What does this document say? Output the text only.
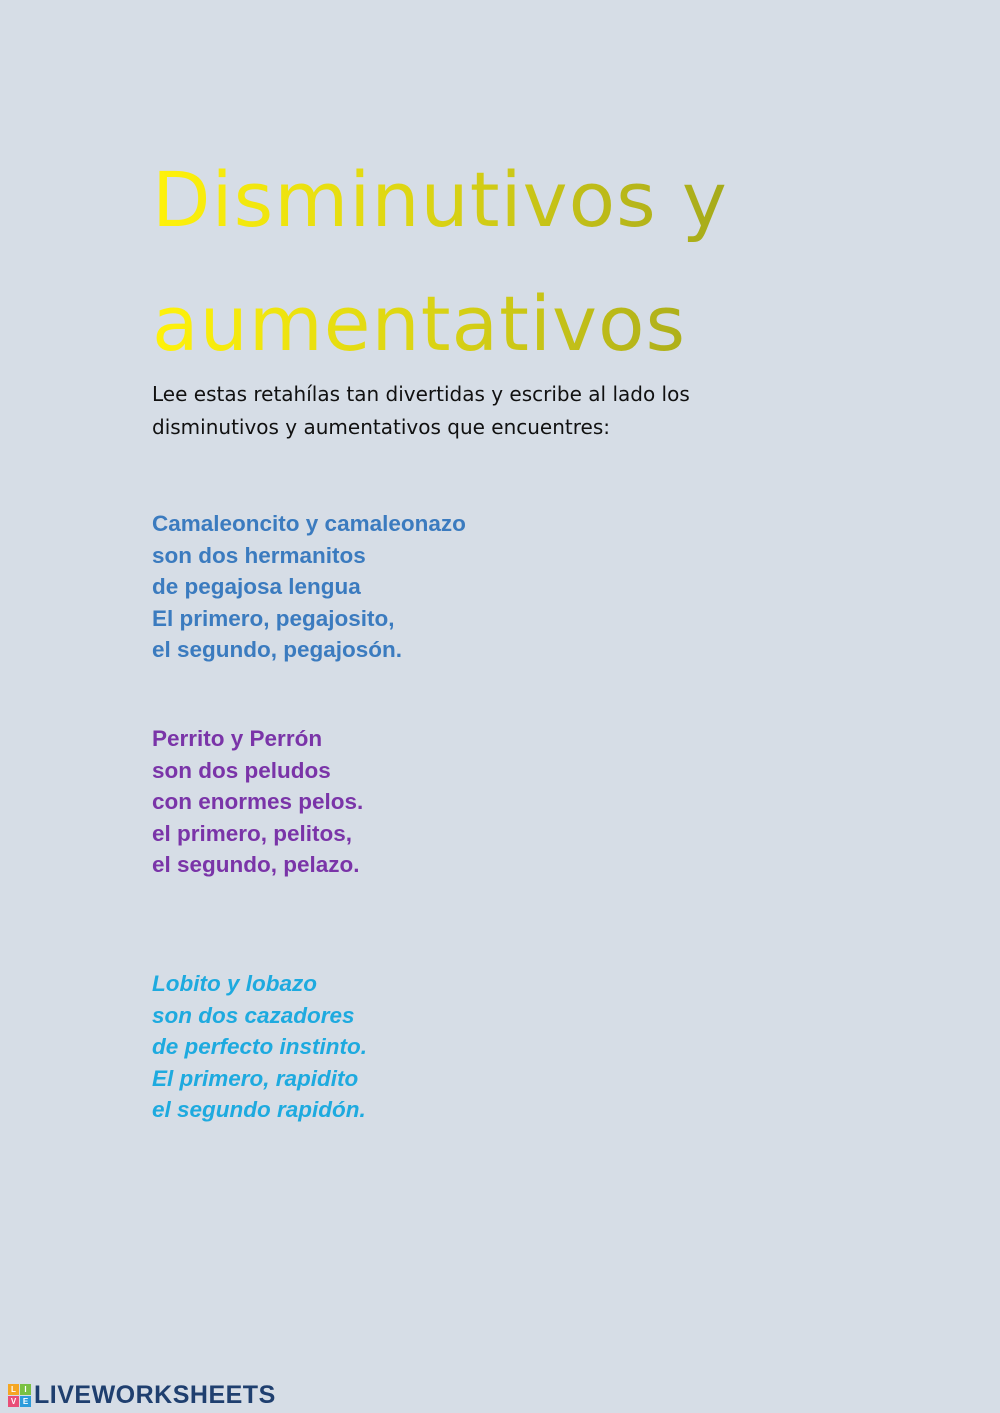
Disminutivos y
aumentativos
Lee estas retahílas tan divertidas y escribe al lado los
disminutivos y aumentativos que encuentres:
Camaleoncito y camaleonazo
son dos hermanitos
de pegajosa lengua
El primero, pegajosito,
el segundo, pegajosón.
Perrito y Perrón
son dos peludos
con enormes pelos.
el primero, pelitos,
el segundo, pelazo.
Lobito y lobazo
son dos cazadores
de perfecto instinto.
El primero, rapidito
el segundo rapidón.
L	I
V E LIVEWORKSHEETS
